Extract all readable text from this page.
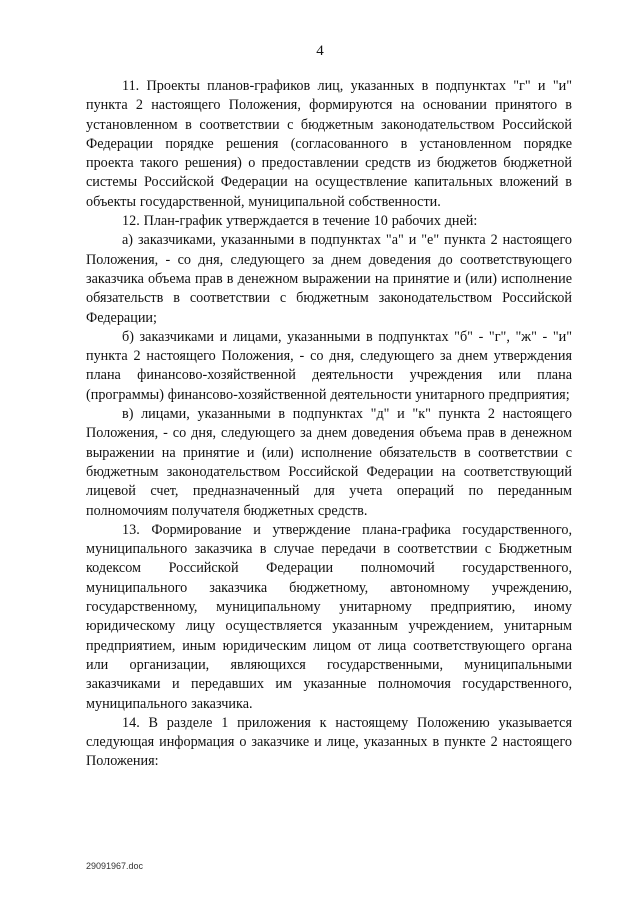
4

11. Проекты планов-графиков лиц, указанных в подпунктах "г" и "и" пункта 2 настоящего Положения, формируются на основании принятого в установленном в соответствии с бюджетным законодательством Российской Федерации порядке решения (согласованного в установленном порядке проекта такого решения) о предоставлении средств из бюджетов бюджетной системы Российской Федерации на осуществление капитальных вложений в объекты государственной, муниципальной собственности.

12. План-график утверждается в течение 10 рабочих дней:

а) заказчиками, указанными в подпунктах "а" и "е" пункта 2 настоящего Положения, - со дня, следующего за днем доведения до соответствующего заказчика объема прав в денежном выражении на принятие и (или) исполнение обязательств в соответствии с бюджетным законодательством Российской Федерации;

б) заказчиками и лицами, указанными в подпунктах "б" - "г", "ж" - "и" пункта 2 настоящего Положения, - со дня, следующего за днем утверждения плана финансово-хозяйственной деятельности учреждения или плана (программы) финансово-хозяйственной деятельности унитарного предприятия;

в) лицами, указанными в подпунктах "д" и "к" пункта 2 настоящего Положения, - со дня, следующего за днем доведения объема прав в денежном выражении на принятие и (или) исполнение обязательств в соответствии с бюджетным законодательством Российской Федерации на соответствующий лицевой счет, предназначенный для учета операций по переданным полномочиям получателя бюджетных средств.

13. Формирование и утверждение плана-графика государственного, муниципального заказчика в случае передачи в соответствии с Бюджетным кодексом Российской Федерации полномочий государственного, муниципального заказчика бюджетному, автономному учреждению, государственному, муниципальному унитарному предприятию, иному юридическому лицу осуществляется указанным учреждением, унитарным предприятием, иным юридическим лицом от лица соответствующего органа или организации, являющихся государственными, муниципальными заказчиками и передавших им указанные полномочия государственного, муниципального заказчика.

14. В разделе 1 приложения к настоящему Положению указывается следующая информация о заказчике и лице, указанных в пункте 2 настоящего Положения:

29091967.doc
